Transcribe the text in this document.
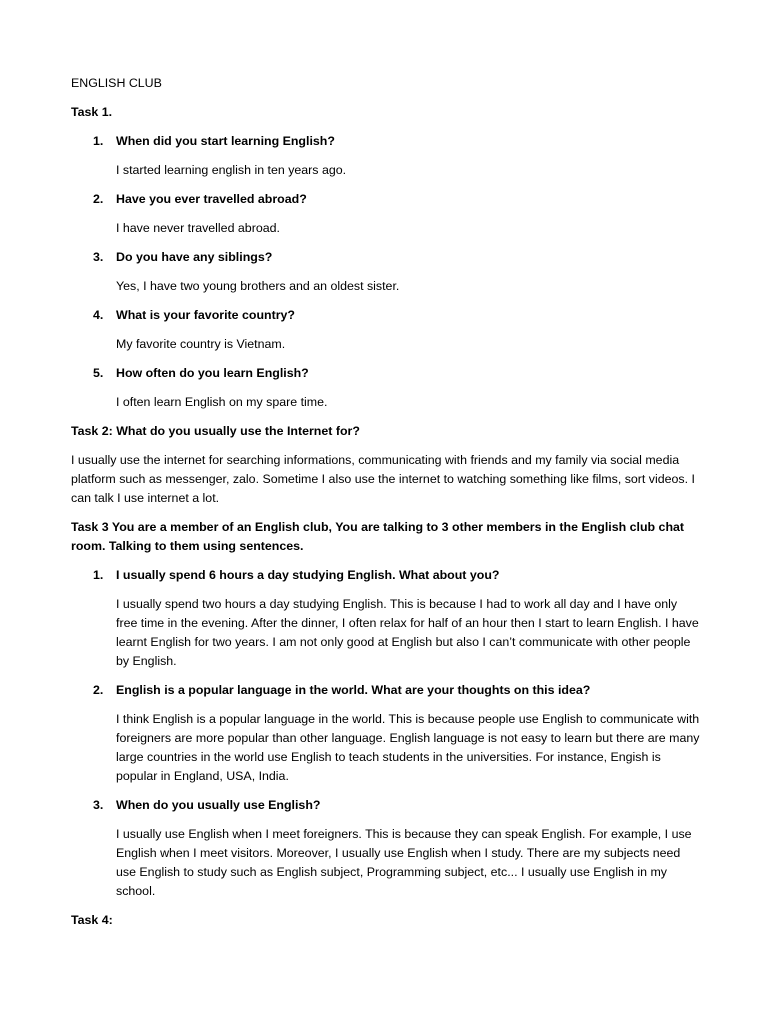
ENGLISH CLUB

Task 1.

1. When did you start learning English?

I started learning english in ten years ago.

2. Have you ever travelled abroad?

I have never travelled abroad.

3. Do you have any siblings?

Yes, I have two young brothers and an oldest sister.

4. What is your favorite country?

My favorite country is Vietnam.

5. How often do you learn English?

I often learn English on my spare time.

Task 2: What do you usually use the Internet for?

I usually use the internet for searching informations, communicating with friends and my family via social media platform such as messenger, zalo. Sometime I also use the internet to watching something like films, sort videos. I can talk I use internet a lot.

Task 3 You are a member of an English club, You are talking to 3 other members in the English club chat room. Talking to them using sentences.

1. I usually spend 6 hours a day studying English. What about you?

I usually spend two hours a day studying English. This is because I had to work all day and I have only free time in the evening. After the dinner, I often relax for half of an hour then I start to learn English. I have learnt English for two years. I am not only good at English but also I can’t communicate with other people by English.

2. English is a popular language in the world. What are your thoughts on this idea?

I think English is a popular language in the world. This is because people use English to communicate with foreigners are more popular than other language. English language is not easy to learn but there are many large countries in the world use English to teach students in the universities. For instance, Engish is popular in England, USA, India.

3. When do you usually use English?

I usually use English when I meet foreigners. This is because they can speak English. For example, I use English when I meet visitors. Moreover, I usually use English when I study. There are my subjects need use English to study such as English subject, Programming subject, etc... I usually use English in my school.

Task 4:
